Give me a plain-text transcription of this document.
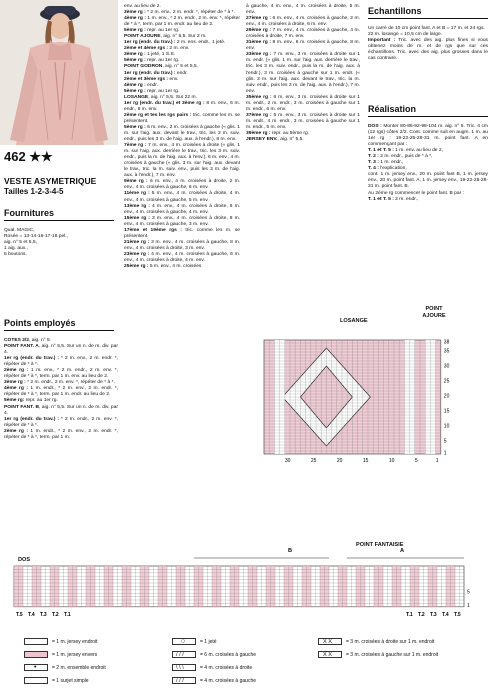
462 ★★
VESTE ASYMETRIQUE
Tailles 1-2-3-4-5
Fournitures

Qual. MAGIC,

Rosée = 13-14-16-17-18 pel.,

aig. n° 5 et 5,5,

1 aig. aux.,

6 boutons.

Points employés

COTES 2/2, aig. n° 5.

POINT FANT. A, aig. n° 5,5. Sur un n. de m. div. par 4.

1er rg (endr. du trav.) : * 2 m. env., 2 m. endr. *, répéter de * à *.

2ème rg : 1 m. env., * 2 m. endr., 2 m. env. *, répéter de * à *, term. par 1 m. env. au lieu de 2.

3ème rg : * 2 m. endr., 2 m. env. *, répéter de * à *.

4ème rg : 1 m. endr., * 2 m. env., 2 m. endr. *, répéter de * à *, term. par 1 m. endr. au lieu de 2.

5ème rg: repr. au 1er rg.

POINT FANT. B, aig. n° 5,5. Sur un n. de m. div. par 4.

1er rg (endr. du trav.) : * 2 m. endr., 2 m. env. *, répéter de * à *.

2ème rg : 1 m. endr., * 2 m. env., 2 m. endr. *, répéter de * à *, term. par 1 m.

env. au lieu de 2.

3ème rg : * 2 m. env., 2 m. endr. *, répéter de * à *.

4ème rg : 1 m. env., * 2 m. endr., 2 m. env. *, répéter de * à *, term. par 1 m. endr. au lieu de 2.

5ème rg : repr. au 1er rg.

POINT AJOURE, aig. n° 5,5. Sur 2 m.

1er rg (endr. du trav.) : 2 m. ens. endr., 1 jeté.

2ème et 4ème rgs : 2 m. env.

3ème rg : 1 jeté, 1 S.S.

5ème rg : repr. au 1er rg.

POINT GODRON, aig. n° 5 et 5,5.

1er rg (endr. du trav.) : endr.

2ème et 3ème rgs : env.

4ème rg : endr.

5ème rg : repr. au 1er rg.

LOSANGE, aig. n° 5,5. Sur 22 m.

1er rg (endr. du trav.) et 3ème rg : 8 m. env., 6 m. endr., 8 m. env.

2ème rg et tes les rgs pairs : tric. comme les m. se présentent.

5ème rg : 6 m. env., 2 m. croisées à gauche (« glis. 1 m. sur l'aig. aux. devant le trav., tric. les 3 m. suiv. endr., puis les 3 m. de l'aig. aux. à l'endr.), 8 m. env.

7ème rg : 7 m. env., 4 m. croisées à droite (« glis. 1 m. sur l'aig. aux. derrière le trav., tric. les 3 m. suiv. endr., puis la m. de l'aig. aux. à l'env.), 6 m. env., 4 m. croisées à gauche (« glis. 3 m. sur l'aig. aux. devant le trav., tric. la m. suiv. env., puis les 3 m. de l'aig. aux. à l'endr.), 7 m. env.

9ème rg : 6 m. env., 4 m. croisées à droite, 2 m. env., 4 m. croisées à gauche, 6 m. env.

11ème rg : 5 m. env., 4 m. croisées à droite, 4 m. env., 4 m. croisées à gauche, 5 m. env.

13ème rg : 4 m. env., 4 m. croisées à droite, 6 m. env., 4 m. croisées à gauche, 4 m. env.

15ème rg : 3 m. env., 4 m. croisées à droite, 8 m. env., 4 m. croisées à gauche, 3 m. env.

17ème et 19ème rgs : tric. comme les m. se présentent.

21ème rg : 3 m. env., 4 m. croisées à gauche, 8 m. env., 4 m. croisées à droite, 3 m. env.

23ème rg : 4 m. env., 4 m. croisées à gauche, 6 m. env., 4 m. croisées à droite, 4 m. env.

25ème rg : 5 m. env., 4 m. croisées

à gauche, 4 m. env., 4 m. croisées à droite, 5 m. env.

27ème rg : 6 m. env., 4 m. croisées à gauche, 2 m. env., 4 m. croisées à droite, 6 m. env.

29ème rg : 7 m. env., 4 m. croisées à gauche, 4 m. croisées à droite, 7 m. env.

31ème rg : 8 m. env., 6 m. croisées à gauche, 8 m. env.

33ème rg : 7 m. env., 3 m. croisées à droite sur 1 m. endr. (« glis. 1 m. sur l'aig. aux. derrière le trav., tric. les 3 m. suiv. endr., puis la m. de l'aig. aux. à l'endr.), 3 m. croisées à gauche sur 1 m. endr. (« glis. 3 m. sur l'aig. aux. devant le trav., tric. la m. suiv. endr., puis les 3 m. de l'aig. aux. à l'endr.), 7 m. env.

35ème rg : 6 m. env., 3 m. croisées à droite sur 1 m. endr., 2 m. endr., 3 m. croisées à gauche sur 1 m. endr., 6 m. env.

37ème rg : 5 m. env., 3 m. croisées à droite sur 1 m. endr., 4 m. endr., 3 m. croisées à gauche sur 1 m. endr., 5 m. env.

39ème rg : repr. au 5ème rg.

JERSEY ENV., aig. n° 5,5.

Echantillons

Un carré de 10 cm point fant. A et B = 17 m. et 24 rgs.

22 m. losange = 10,5 cm de large.

Important : Tric. avec des aig. plus fines si vous obtenez moins de m. et de rgs que sur ces échantillons. Tric. avec des aig. plus grosses dans le cas contraire.

Réalisation

DOS : Monter 80-86-92-98-104 m. aig. n° 5. Tric. 4 cm (12 rgs) côtes 2/2. Cont. comme suit en augm. 1 m. au 1er rg : 19-22-25-28-31 m. point fant. A en commençant par :

T. 1 et T. 5 : 1 m. env. au lieu de 2,

T. 2 : 2 m. endr., puis de * à *,

T. 3 : 1 m. endr.,

T. 4 : l'explication,

cont. 1 m. jersey env., 20 m. point fant B, 1 m. jersey env., 20 m. point fant. A, 1 m. jersey env., 19-22-25-28-31 m. point fant. B.

Au 2ème rg commencer le point fant. B par :

T. 1 et T. 5 : 2 m. endr.,

LOSANGE
POINT AJOURE
38
35
30
25
20
15
10
5
1
30	25	20	15	10	5	1
POINT FANTAISIE
DOS
B	A
T.5 T.4 T.3 T.2 T.1	T.1 T.2 T.3 T.4 T.5
5
1
= 1 m. jersey endroit
= 1 m. jersey envers
•
= 2 m. ensemble endroit
= 1 surjet simple
○
= 1 jeté
/ / /
= 6 m. croisées à gauche
\ \ \
= 4 m. croisées à droite
/ / /
= 4 m. croisées à gauche
X X
= 3 m. croisées à droite sur 1 m. endroit
X X
= 3 m. croisées à gauche sur 1 m. endroit
